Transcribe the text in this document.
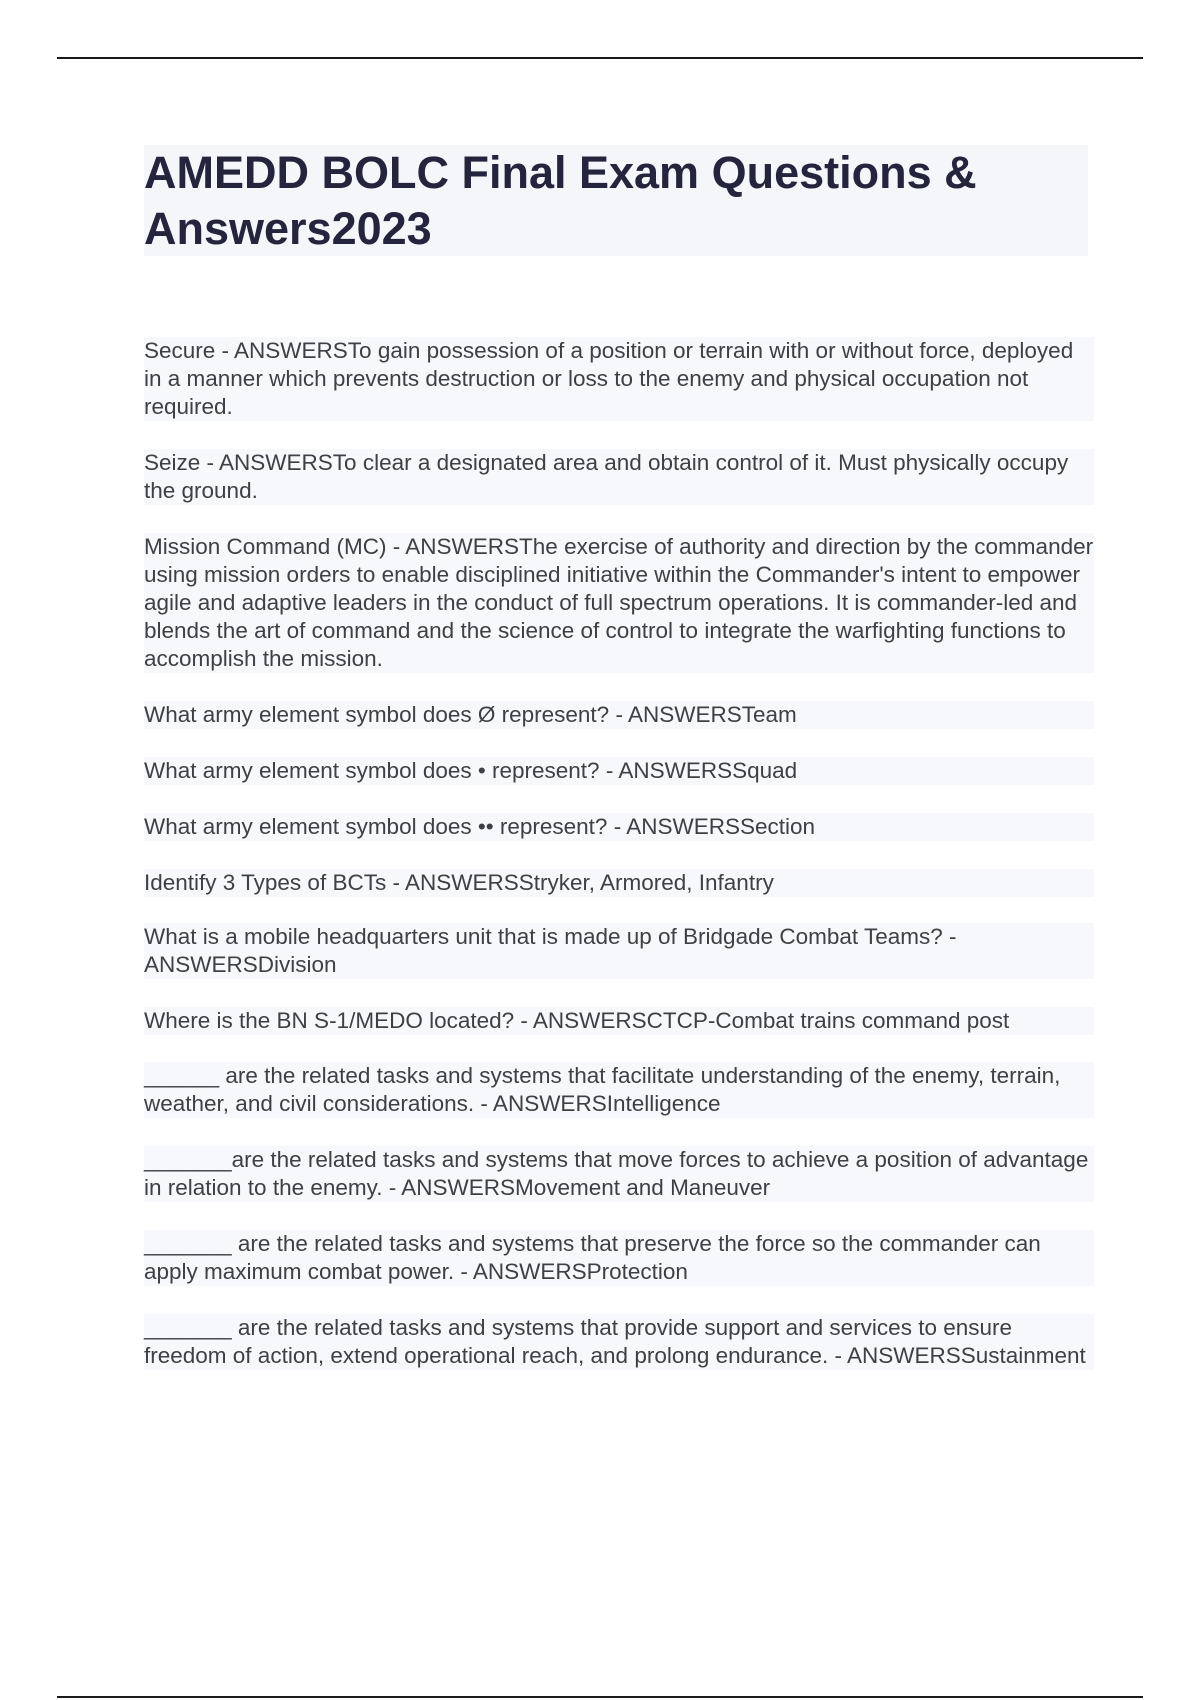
AMEDD BOLC Final Exam Questions & Answers2023

Secure - ANSWERSTo gain possession of a position or terrain with or without force, deployed in a manner which prevents destruction or loss to the enemy and physical occupation not required.

Seize - ANSWERSTo clear a designated area and obtain control of it. Must physically occupy the ground.

Mission Command (MC) - ANSWERSThe exercise of authority and direction by the commander using mission orders to enable disciplined initiative within the Commander's intent to empower agile and adaptive leaders in the conduct of full spectrum operations. It is commander-led and blends the art of command and the science of control to integrate the warfighting functions to accomplish the mission.

What army element symbol does Ø represent? - ANSWERSTeam

What army element symbol does • represent? - ANSWERSSquad

What army element symbol does •• represent? - ANSWERSSection

Identify 3 Types of BCTs - ANSWERSStryker, Armored, Infantry

What is a mobile headquarters unit that is made up of Bridgade Combat Teams? - ANSWERSDivision

Where is the BN S-1/MEDO located? - ANSWERSCTCP-Combat trains command post

______ are the related tasks and systems that facilitate understanding of the enemy, terrain, weather, and civil considerations. - ANSWERSIntelligence

_______are the related tasks and systems that move forces to achieve a position of advantage in relation to the enemy. - ANSWERSMovement and Maneuver

_______ are the related tasks and systems that preserve the force so the commander can apply maximum combat power. - ANSWERSProtection

_______ are the related tasks and systems that provide support and services to ensure freedom of action, extend operational reach, and prolong endurance. - ANSWERSSustainment
